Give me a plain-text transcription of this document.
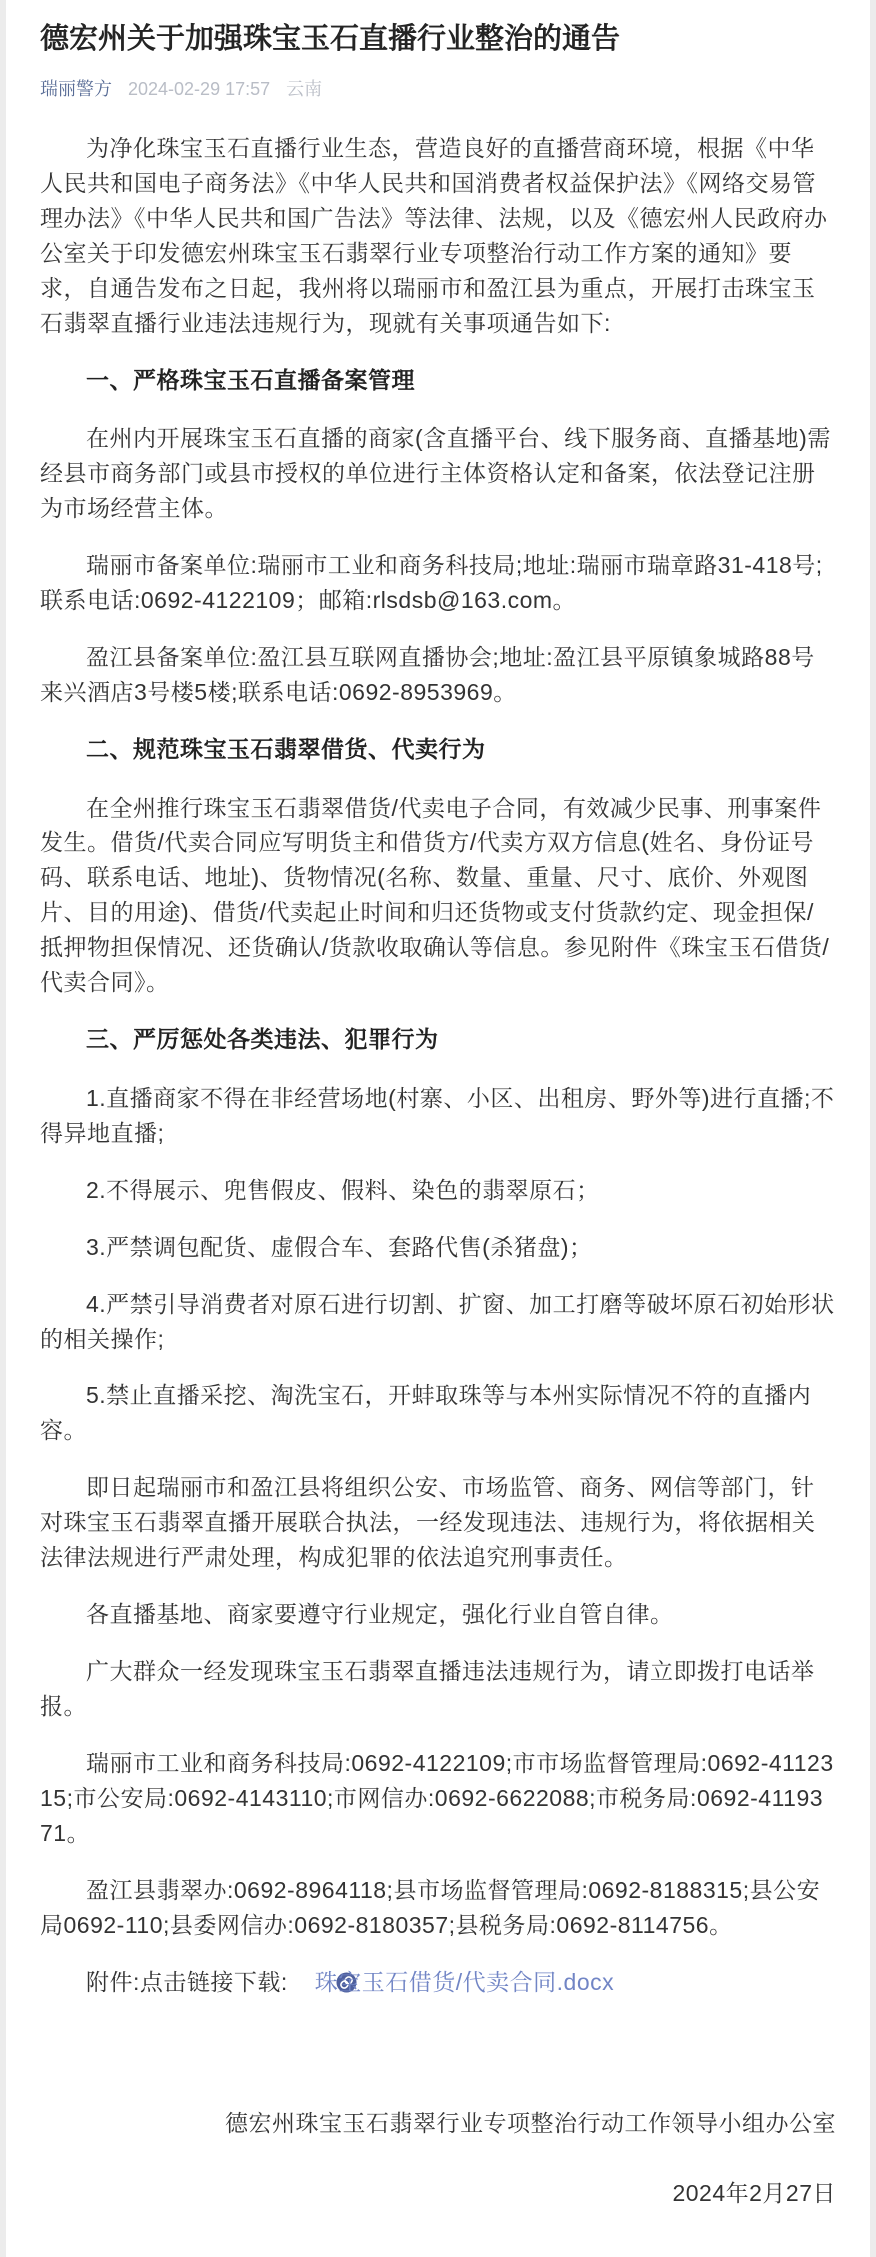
德宏州关于加强珠宝玉石直播行业整治的通告
瑞丽警方 2024-02-29 17:57 云南

为净化珠宝玉石直播行业生态，营造良好的直播营商环境，根据《中华人民共和国电子商务法》《中华人民共和国消费者权益保护法》《网络交易管理办法》《中华人民共和国广告法》等法律、法规，以及《德宏州人民政府办公室关于印发德宏州珠宝玉石翡翠行业专项整治行动工作方案的通知》要求，自通告发布之日起，我州将以瑞丽市和盈江县为重点，开展打击珠宝玉石翡翠直播行业违法违规行为，现就有关事项通告如下:

一、严格珠宝玉石直播备案管理

在州内开展珠宝玉石直播的商家(含直播平台、线下服务商、直播基地)需经县市商务部门或县市授权的单位进行主体资格认定和备案，依法登记注册为市场经营主体。

瑞丽市备案单位:瑞丽市工业和商务科技局;地址:瑞丽市瑞章路31-418号;联系电话:0692-4122109；邮箱:rlsdsb@163.com。

盈江县备案单位:盈江县互联网直播协会;地址:盈江县平原镇象城路88号来兴酒店3号楼5楼;联系电话:0692-8953969。

二、规范珠宝玉石翡翠借货、代卖行为

在全州推行珠宝玉石翡翠借货/代卖电子合同，有效减少民事、刑事案件发生。借货/代卖合同应写明货主和借货方/代卖方双方信息(姓名、身份证号码、联系电话、地址)、货物情况(名称、数量、重量、尺寸、底价、外观图片、目的用途)、借货/代卖起止时间和归还货物或支付货款约定、现金担保/抵押物担保情况、还货确认/货款收取确认等信息。参见附件《珠宝玉石借货/代卖合同》。

三、严厉惩处各类违法、犯罪行为

1.直播商家不得在非经营场地(村寨、小区、出租房、野外等)进行直播;不得异地直播;

2.不得展示、兜售假皮、假料、染色的翡翠原石；

3.严禁调包配货、虚假合车、套路代售(杀猪盘)；

4.严禁引导消费者对原石进行切割、扩窗、加工打磨等破坏原石初始形状的相关操作;

5.禁止直播采挖、淘洗宝石，开蚌取珠等与本州实际情况不符的直播内容。

即日起瑞丽市和盈江县将组织公安、市场监管、商务、网信等部门，针对珠宝玉石翡翠直播开展联合执法，一经发现违法、违规行为，将依据相关法律法规进行严肃处理，构成犯罪的依法追究刑事责任。

各直播基地、商家要遵守行业规定，强化行业自管自律。

广大群众一经发现珠宝玉石翡翠直播违法违规行为，请立即拨打电话举报。

瑞丽市工业和商务科技局:0692-4122109;市市场监督管理局:0692-4112315;市公安局:0692-4143110;市网信办:0692-6622088;市税务局:0692-4119371。

盈江县翡翠办:0692-8964118;县市场监督管理局:0692-8188315;县公安局0692-110;县委网信办:0692-8180357;县税务局:0692-8114756。

附件:点击链接下载: 珠宝玉石借货/代卖合同.docx

德宏州珠宝玉石翡翠行业专项整治行动工作领导小组办公室

2024年2月27日
